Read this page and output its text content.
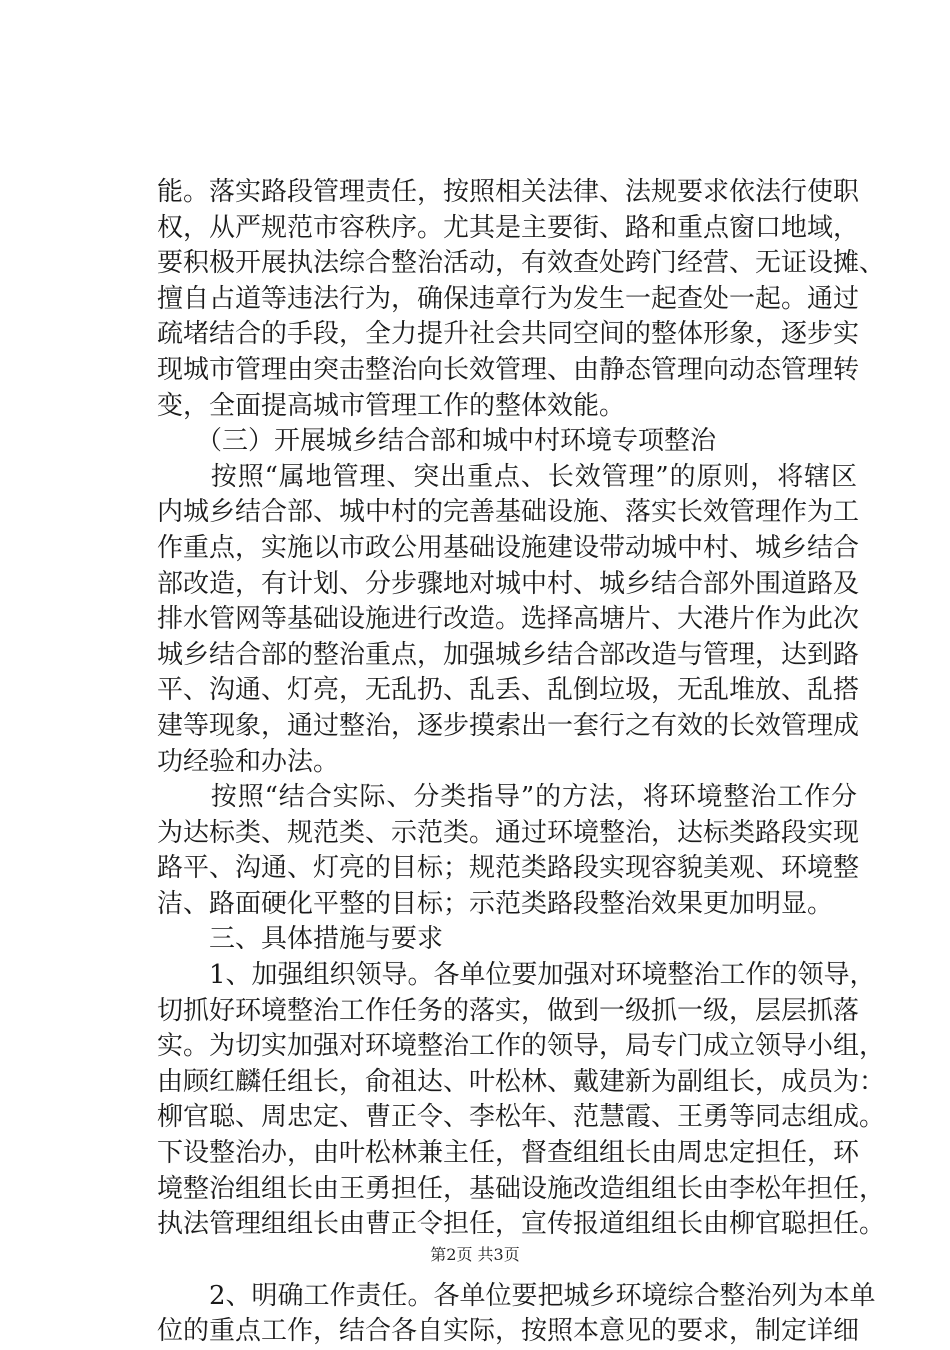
能。落实路段管理责任，按照相关法律、法规要求依法行使职
权，从严规范市容秩序。尤其是主要街、路和重点窗口地域，
要积极开展执法综合整治活动，有效查处跨门经营、无证设摊、
擅自占道等违法行为，确保违章行为发生一起查处一起。通过
疏堵结合的手段，全力提升社会共同空间的整体形象，逐步实
现城市管理由突击整治向长效管理、由静态管理向动态管理转
变，全面提高城市管理工作的整体效能。
　　（三）开展城乡结合部和城中村环境专项整治
　　按照“属地管理、突出重点、长效管理”的原则，将辖区
内城乡结合部、城中村的完善基础设施、落实长效管理作为工
作重点，实施以市政公用基础设施建设带动城中村、城乡结合
部改造，有计划、分步骤地对城中村、城乡结合部外围道路及
排水管网等基础设施进行改造。选择高塘片、大港片作为此次
城乡结合部的整治重点，加强城乡结合部改造与管理，达到路
平、沟通、灯亮，无乱扔、乱丢、乱倒垃圾，无乱堆放、乱搭
建等现象，通过整治，逐步摸索出一套行之有效的长效管理成
功经验和办法。
　　按照“结合实际、分类指导”的方法，将环境整治工作分
为达标类、规范类、示范类。通过环境整治，达标类路段实现
路平、沟通、灯亮的目标；规范类路段实现容貌美观、环境整
洁、路面硬化平整的目标；示范类路段整治效果更加明显。
　　三、具体措施与要求
　　1、加强组织领导。各单位要加强对环境整治工作的领导，
切抓好环境整治工作任务的落实，做到一级抓一级，层层抓落
实。为切实加强对环境整治工作的领导，局专门成立领导小组，
由顾红麟任组长，俞祖达、叶松林、戴建新为副组长，成员为：
柳官聪、周忠定、曹正令、李松年、范慧霞、王勇等同志组成。
下设整治办，由叶松林兼主任，督查组组长由周忠定担任，环
境整治组组长由王勇担任，基础设施改造组组长由李松年担任，
执法管理组组长由曹正令担任，宣传报道组组长由柳官聪担任。
　　2、明确工作责任。各单位要把城乡环境综合整治列为本单
位的重点工作，结合各自实际，按照本意见的要求，制定详细
第2页 共3页
